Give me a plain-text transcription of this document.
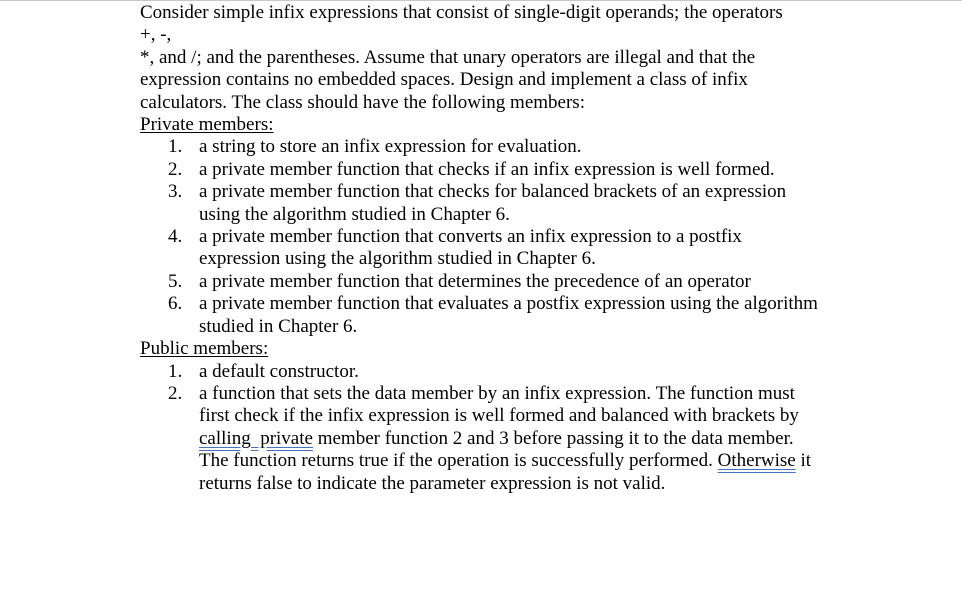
Consider simple infix expressions that consist of single-digit operands; the operators +, -,
*, and /; and the parentheses. Assume that unary operators are illegal and that the
expression contains no embedded spaces. Design and implement a class of infix
calculators. The class should have the following members:

Private members:

1. a string to store an infix expression for evaluation.
2. a private member function that checks if an infix expression is well formed.
3. a private member function that checks for balanced brackets of an expression
using the algorithm studied in Chapter 6.
4. a private member function that converts an infix expression to a postfix
expression using the algorithm studied in Chapter 6.
5. a private member function that determines the precedence of an operator
6. a private member function that evaluates a postfix expression using the algorithm
studied in Chapter 6.

Public members:

1. a default constructor.
2. a function that sets the data member by an infix expression. The function must
first check if the infix expression is well formed and balanced with brackets by
calling  private member function 2 and 3 before passing it to the data member.
The function returns true if the operation is successfully performed. Otherwise it
returns false to indicate the parameter expression is not valid.
